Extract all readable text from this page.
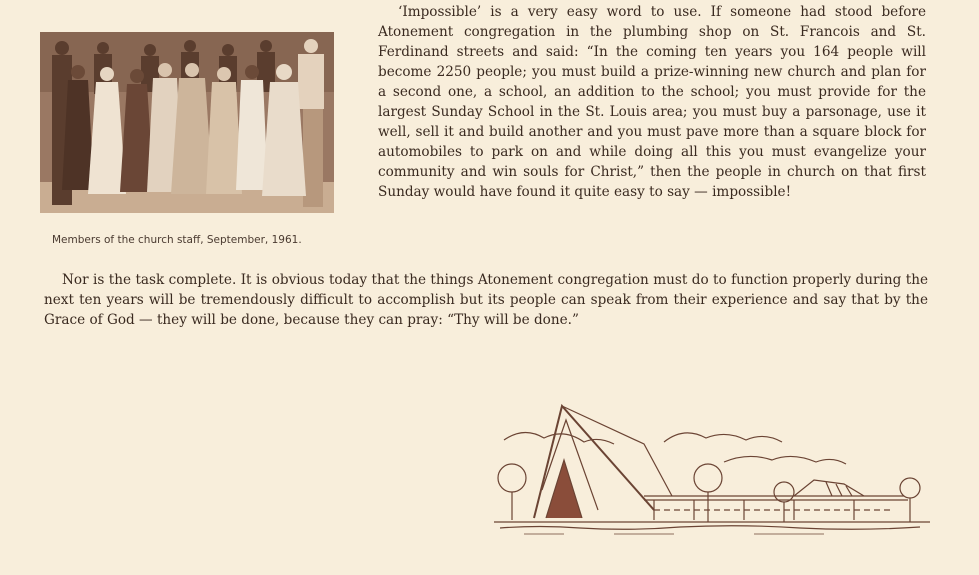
Members of the church staff, September, 1961.

‘Impossible’ is a very easy word to use. If someone had stood before Atonement congregation in the plumbing shop on St. Francois and St. Ferdinand streets and said: “In the coming ten years you 164 people will become 2250 people; you must build a prize-winning new church and plan for a second one, a school, an addition to the school; you must provide for the largest Sunday School in the St. Louis area; you must buy a parsonage, use it well, sell it and build another and you must pave more than a square block for automobiles to park on and while doing all this you must evangelize your community and win souls for Christ,” then the people in church on that first Sunday would have found it quite easy to say — impossible!

Nor is the task complete. It is obvious today that the things Atonement congregation must do to function properly during the next ten years will be tremendously difficult to accomplish but its people can speak from their experience and say that by the Grace of God — they will be done, because they can pray: “Thy will be done.”
